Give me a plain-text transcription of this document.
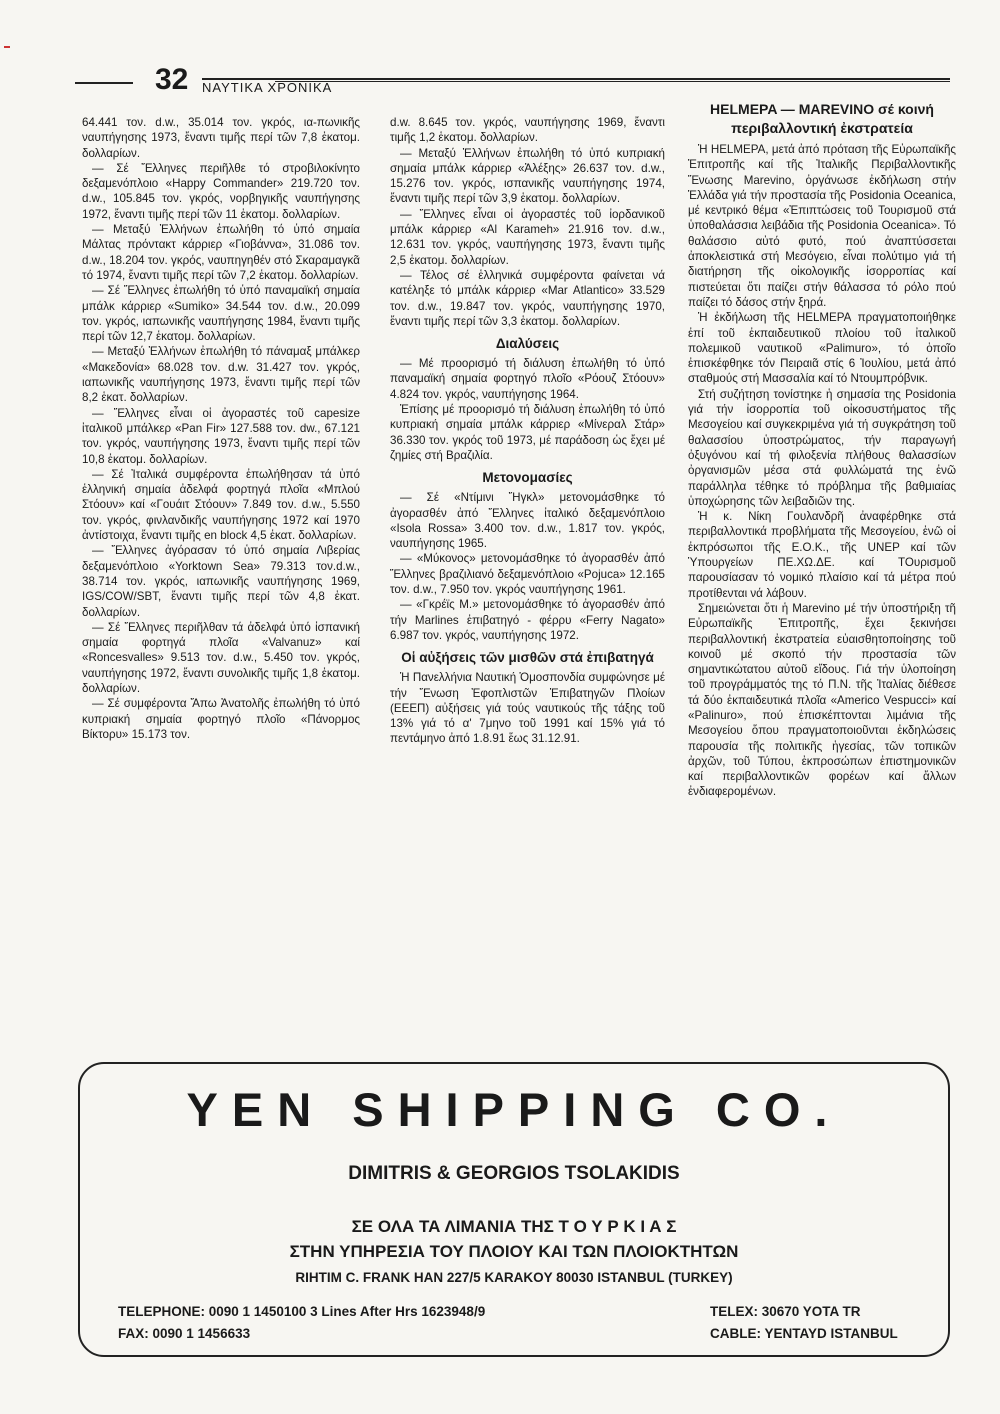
32 ΝΑΥΤΙΚΑ ΧΡΟΝΙΚΑ

64.441 τον. d.w., 35.014 τον. γκρός, ια-πωνικῆς ναυπήγησης 1973, ἔναντι τιμῆς περί τῶν 7,8 ἑκατομ. δολλαρίων.

— Σέ Ἕλληνες περιῆλθε τό στροβιλοκίνητο δεξαμενόπλοιο «Happy Commander» 219.720 τον. d.w., 105.845 τον. γκρός, νορβηγικῆς ναυπήγησης 1972, ἔναντι τιμῆς περί τῶν 11 ἑκατομ. δολλαρίων.

— Μεταξύ Ἑλλήνων ἐπωλήθη τό ὑπό σημαία Μάλτας πρόντακτ κάρριερ «Γιοβάννα», 31.086 τον. d.w., 18.204 τον. γκρός, ναυπηγηθέν στό Σκαραμαγκᾶ τό 1974, ἔναντι τιμῆς περί τῶν 7,2 ἑκατομ. δολλαρίων.

— Σέ Ἕλληνες ἐπωλήθη τό ὑπό παναμαϊκή σημαία μπάλκ κάρριερ «Sumiko» 34.544 τον. d.w., 20.099 τον. γκρός, ιαπωνικῆς ναυπήγησης 1984, ἔναντι τιμῆς περί τῶν 12,7 ἑκατομ. δολλαρίων.

— Μεταξύ Ἑλλήνων ἐπωλήθη τό πάναμαξ μπάλκερ «Μακεδονία» 68.028 τον. d.w. 31.427 τον. γκρός, ιαπωνικῆς ναυπήγησης 1973, ἔναντι τιμῆς περί τῶν 8,2 ἑκατ. δολλαρίων.

— Ἕλληνες εἶναι οἱ ἀγοραστές τοῦ capesize ἰταλικοῦ μπάλκερ «Pan Fir» 127.588 τον. dw., 67.121 τον. γκρός, ναυπήγησης 1973, ἔναντι τιμῆς περί τῶν 10,8 ἑκατομ. δολλαρίων.

— Σέ Ἰταλικά συμφέροντα ἐπωλήθησαν τά ὑπό ἑλληνική σημαία ἀδελφά φορτηγά πλοῖα «Μπλού Στόουν» καί «Γουάιτ Στόουν» 7.849 τον. d.w., 5.550 τον. γκρός, φινλανδικῆς ναυπήγησης 1972 καί 1970 ἀντίστοιχα, ἔναντι τιμῆς en block 4,5 ἑκατ. δολλαρίων.

— Ἕλληνες ἀγόρασαν τό ὑπό σημαία Λιβερίας δεξαμενόπλοιο «Yorktown Sea» 79.313 τον.d.w., 38.714 τον. γκρός, ιαπωνικῆς ναυπήγησης 1969, IGS/COW/SBT, ἔναντι τιμῆς περί τῶν 4,8 ἑκατ. δολλαρίων.

— Σέ Ἕλληνες περιῆλθαν τά ἀδελφά ὑπό ἰσπανική σημαία φορτηγά πλοῖα «Valvanuz» καί «Roncesvalles» 9.513 τον. d.w., 5.450 τον. γκρός, ναυπήγησης 1972, ἔναντι συνολικῆς τιμῆς 1,8 ἑκατομ. δολλαρίων.

— Σέ συμφέροντα Ἄπω Ἀνατολῆς ἐπωλήθη τό ὑπό κυπριακή σημαία φορτηγό πλοῖο «Πάνορμος Βίκτορυ» 15.173 τον.

d.w. 8.645 τον. γκρός, ναυπήγησης 1969, ἔναντι τιμῆς 1,2 ἑκατομ. δολλαρίων.

— Μεταξύ Ἑλλήνων ἐπωλήθη τό ὑπό κυπριακή σημαία μπάλκ κάρριερ «Ἀλέξης» 26.637 τον. d.w., 15.276 τον. γκρός, ισπανικῆς ναυπήγησης 1974, ἔναντι τιμῆς περί τῶν 3,9 ἑκατομ. δολλαρίων.

— Ἕλληνες εἶναι οἱ ἀγοραστές τοῦ ἰορδανικοῦ μπάλκ κάρριερ «Al Karameh» 21.916 τον. d.w., 12.631 τον. γκρός, ναυπήγησης 1973, ἔναντι τιμῆς 2,5 ἑκατομ. δολλαρίων.

— Τέλος σέ ἑλληνικά συμφέροντα φαίνεται νά κατέληξε τό μπάλκ κάρριερ «Mar Atlantico» 33.529 τον. d.w., 19.847 τον. γκρός, ναυπήγησης 1970, ἔναντι τιμῆς περί τῶν 3,3 ἑκατομ. δολλαρίων.

Διαλύσεις

— Μέ προορισμό τή διάλυση ἐπωλήθη τό ὑπό παναμαϊκή σημαία φορτηγό πλοῖο «Ρόουζ Στόουν» 4.824 τον. γκρός, ναυπήγησης 1964.

Ἐπίσης μέ προορισμό τή διάλυση ἐπωλήθη τό ὑπό κυπριακή σημαία μπάλκ κάρριερ «Μίνεραλ Στάρ» 36.330 τον. γκρός τοῦ 1973, μέ παράδοση ὡς ἔχει μέ ζημίες στή Βραζιλία.

Μετονομασίες

— Σέ «Ντίμινι Ἤγκλ» μετονομάσθηκε τό ἀγορασθέν ἀπό Ἕλληνες ἰταλικό δεξαμενόπλοιο «Isola Rossa» 3.400 τον. d.w., 1.817 τον. γκρός, ναυπήγησης 1965.

— «Μύκονος» μετονομάσθηκε τό ἀγορασθέν ἀπό Ἕλληνες βραζιλιανό δεξαμενόπλοιο «Pojuca» 12.165 τον. d.w., 7.950 τον. γκρός ναυπήγησης 1961.

— «Γκρέϊς Μ.» μετονομάσθηκε τό ἀγορασθέν ἀπό τήν Marlines ἐπιβατηγό - φέρρυ «Ferry Nagato» 6.987 τον. γκρός, ναυπήγησης 1972.

Οἱ αὐξήσεις τῶν μισθῶν στά ἐπιβατηγά

Ἡ Πανελλήνια Ναυτική Ὁμοσπονδία συμφώνησε μέ τήν Ἕνωση Ἐφοπλιστῶν Ἐπιβατηγῶν Πλοίων (ΕΕΕΠ) αὐξήσεις γιά τούς ναυτικούς τῆς τάξης τοῦ 13% γιά τό α' 7μηνο τοῦ 1991 καί 15% γιά τό πεντάμηνο ἀπό 1.8.91 ἕως 31.12.91.

HELMEPA — MAREVINO σέ κοινή περιβαλλοντική ἐκστρατεία

Ἡ HELMEPA, μετά ἀπό πρόταση τῆς Εὐρωπαϊκῆς Ἐπιτροπῆς καί τῆς Ἰταλικῆς Περιβαλλοντικῆς Ἕνωσης Marevino, ὀργάνωσε ἐκδήλωση στήν Ἑλλάδα γιά τήν προστασία τῆς Posidonia Oceanica, μέ κεντρικό θέμα «Ἐπιπτώσεις τοῦ Τουρισμοῦ στά ὑποθαλάσσια λειβάδια τῆς Posidonia Oceanica». Τό θαλάσσιο αὐτό φυτό, πού ἀναπτύσσεται ἀποκλειστικά στή Μεσόγειο, εἶναι πολύτιμο γιά τή διατήρηση τῆς οἰκολογικῆς ἰσορροπίας καί πιστεύεται ὅτι παίζει στήν θάλασσα τό ρόλο πού παίζει τό δάσος στήν ξηρά.

Ἡ ἐκδήλωση τῆς HELMEPA πραγματοποιήθηκε ἐπί τοῦ ἐκπαιδευτικοῦ πλοίου τοῦ ἰταλικοῦ πολεμικοῦ ναυτικοῦ «Palimuro», τό ὁποῖο ἐπισκέφθηκε τόν Πειραιᾶ στίς 6 Ἰουλίου, μετά ἀπό σταθμούς στή Μασσαλία καί τό Ντουμπρόβνικ.

Στή συζήτηση τονίστηκε ἡ σημασία της Posidonia γιά τήν ἰσορροπία τοῦ οἰκοσυστήματος τῆς Μεσογείου καί συγκεκριμένα γιά τή συγκράτηση τοῦ θαλασσίου ὑποστρώματος, τήν παραγωγή ὀξυγόνου καί τή φιλοξενία πλήθους θαλασσίων ὀργανισμῶν μέσα στά φυλλώματά της ἐνῶ παράλληλα τέθηκε τό πρόβλημα τῆς βαθμιαίας ὑποχώρησης τῶν λειβαδιῶν της.

Ἡ κ. Νίκη Γουλανδρῆ ἀναφέρθηκε στά περιβαλλοντικά προβλήματα τῆς Μεσογείου, ἐνῶ οἱ ἐκπρόσωποι τῆς Ε.Ο.Κ., τῆς UNEP καί τῶν Ὑπουργείων ΠΕ.ΧΩ.ΔΕ. καί ΤΟυρισμοῦ παρουσίασαν τό νομικό πλαίσιο καί τά μέτρα πού προτίθενται νά λάβουν.

Σημειώνεται ὅτι ἡ Marevino μέ τήν ὑποστήριξη τῆ Εὐρωπαϊκῆς Ἐπιτροπῆς, ἔχει ξεκινήσει περιβαλλοντική ἐκστρατεία εὐαισθητοποίησης τοῦ κοινοῦ μέ σκοπό τήν προστασία τῶν σημαντικώτατου αὐτοῦ εἴδους. Γιά τήν ὑλοποίηση τοῦ προγράμματός της τό Π.Ν. τῆς Ἰταλίας διέθεσε τά δύο ἐκπαιδευτικά πλοῖα «Americo Vespucci» καί «Palinuro», πού ἐπισκέπτονται λιμάνια τῆς Μεσογείου ὅπου πραγματοποιοῦνται ἐκδηλώσεις παρουσία τῆς πολιτικῆς ἡγεσίας, τῶν τοπικῶν ἀρχῶν, τοῦ Τύπου, ἐκπροσώπων ἐπιστημονικῶν καί περιβαλλοντικῶν φορέων καί ἄλλων ἐνδιαφερομένων.

YEN SHIPPING CO.
DIMITRIS & GEORGIOS TSOLAKIDIS
ΣΕ ΟΛΑ ΤΑ ΛΙΜΑΝΙΑ ΤΗΣ Τ Ο Υ Ρ Κ Ι Α Σ
ΣΤΗΝ ΥΠΗΡΕΣΙΑ ΤΟΥ ΠΛΟΙΟΥ ΚΑΙ ΤΩΝ ΠΛΟΙΟΚΤΗΤΩΝ
RIHTIM C. FRANK HAN 227/5 KARAKOY 80030 ISTANBUL (TURKEY)
TELEPHONE: 0090 1 1450100 3 Lines After Hrs 1623948/9
FAX: 0090 1 1456633
TELEX: 30670 YOTA TR
CABLE: YENTAYD ISTANBUL
